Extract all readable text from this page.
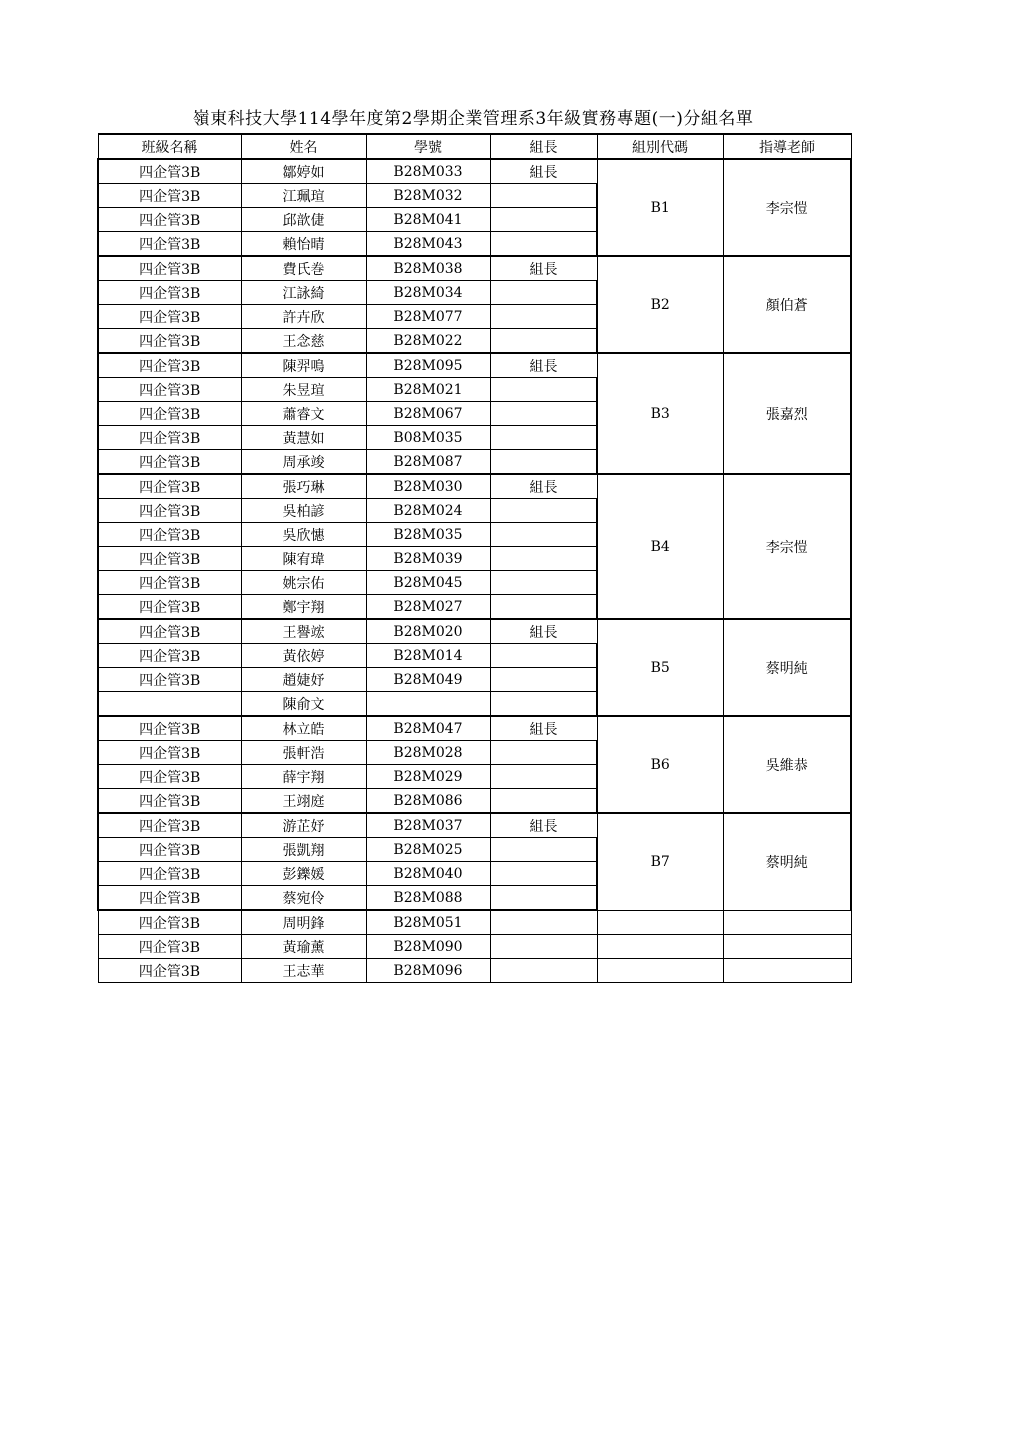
嶺東科技大學114學年度第2學期企業管理系3年級實務專題(一)分組名單
班級名稱	姓名	學號	組長	組別代碼	指導老師
四企管3B	鄒婷如	B28M033	組長	B1	李宗愷
四企管3B	江珮瑄	B28M032			
四企管3B	邱歆倢	B28M041			
四企管3B	賴怡晴	B28M043			
四企管3B	費氏巻	B28M038	組長	B2	顏伯蒼
四企管3B	江詠綺	B28M034			
四企管3B	許卉欣	B28M077			
四企管3B	王念慈	B28M022			
四企管3B	陳羿鳴	B28M095	組長	B3	張嘉烈
四企管3B	朱昱瑄	B28M021			
四企管3B	蕭睿文	B28M067			
四企管3B	黃慧如	B08M035			
四企管3B	周承竣	B28M087			
四企管3B	張巧琳	B28M030	組長	B4	李宗愷
四企管3B	吳柏諺	B28M024			
四企管3B	吳欣憓	B28M035			
四企管3B	陳宥瑋	B28M039			
四企管3B	姚宗佑	B28M045			
四企管3B	鄭宇翔	B28M027			
四企管3B	王譽竤	B28M020	組長	B5	蔡明純
四企管3B	黃依婷	B28M014			
四企管3B	趙婕妤	B28M049			
	陳俞文				
四企管3B	林立皓	B28M047	組長	B6	吳維恭
四企管3B	張軒浩	B28M028			
四企管3B	薛宇翔	B28M029			
四企管3B	王翊庭	B28M086			
四企管3B	游芷妤	B28M037	組長	B7	蔡明純
四企管3B	張凱翔	B28M025			
四企管3B	彭鑠媛	B28M040			
四企管3B	蔡宛伶	B28M088			
四企管3B	周明鋒	B28M051			
四企管3B	黃瑜薰	B28M090			
四企管3B	王志華	B28M096			
